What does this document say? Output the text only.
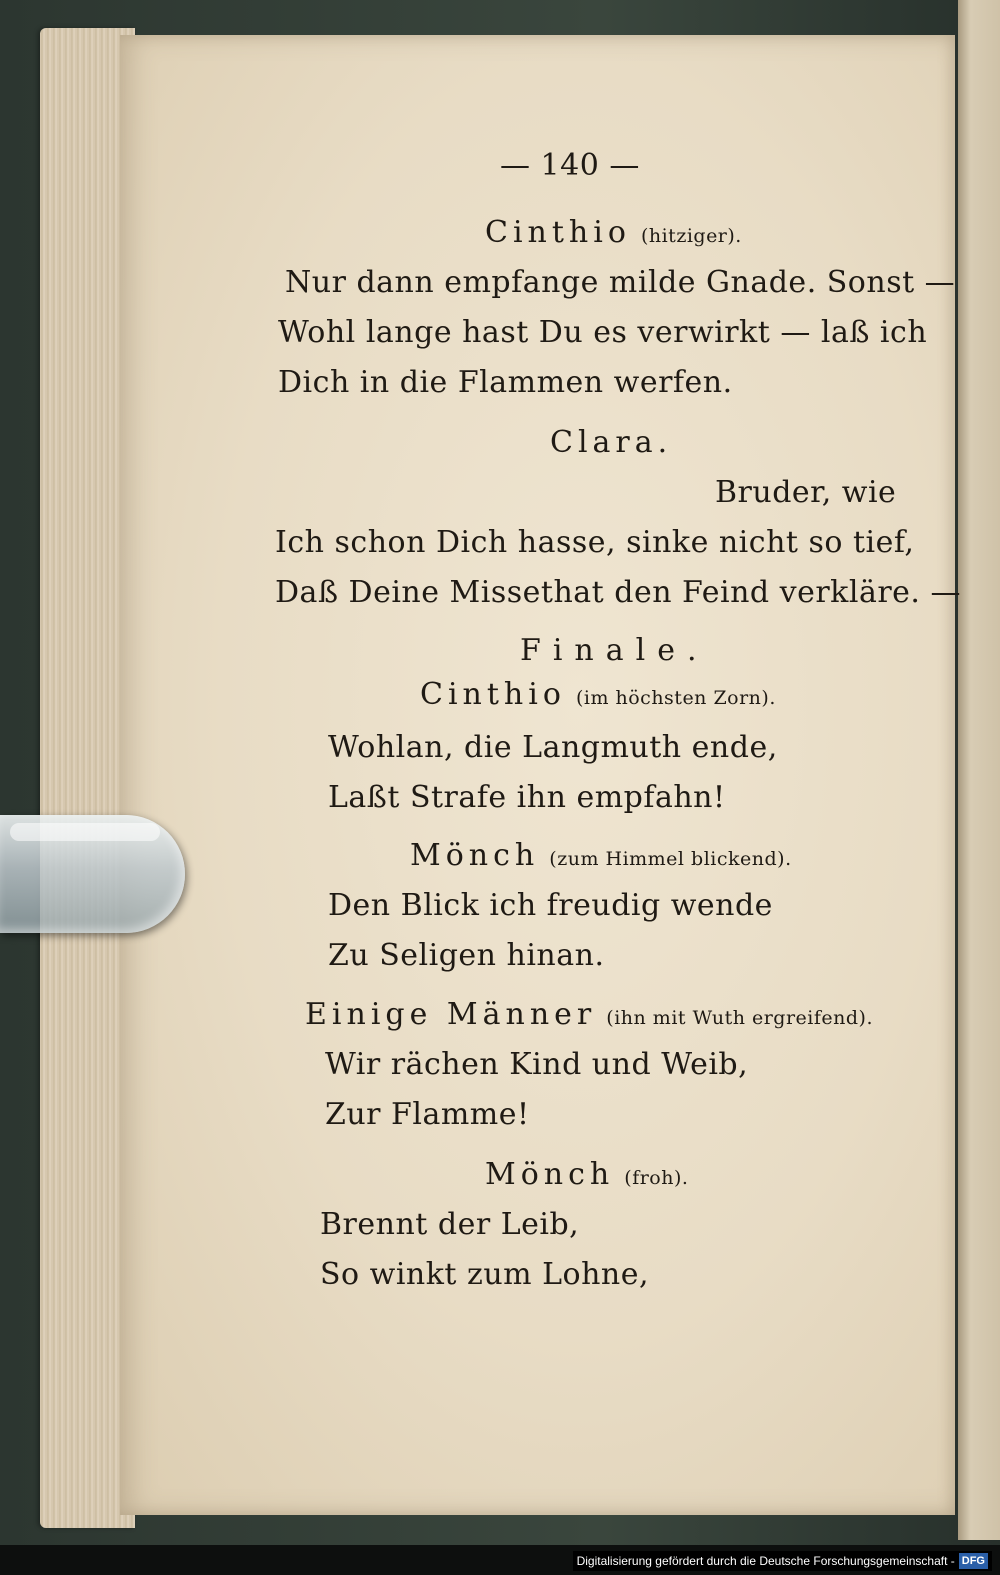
— 140 —
Cinthio (hitziger).
Nur dann empfange milde Gnade. Sonst —
Wohl lange hast Du es verwirkt — laß ich
Dich in die Flammen werfen.
Clara.
Bruder, wie
Ich schon Dich hasse, sinke nicht so tief,
Daß Deine Missethat den Feind verkläre. —
Finale.
Cinthio (im höchsten Zorn).
Wohlan, die Langmuth ende,
Laßt Strafe ihn empfahn!
Mönch (zum Himmel blickend).
Den Blick ich freudig wende
Zu Seligen hinan.
Einige Männer (ihn mit Wuth ergreifend).
Wir rächen Kind und Weib,
Zur Flamme!
Mönch (froh).
Brennt der Leib,
So winkt zum Lohne,
Digitalisierung gefördert durch die Deutsche Forschungsgemeinschaft - DFG
